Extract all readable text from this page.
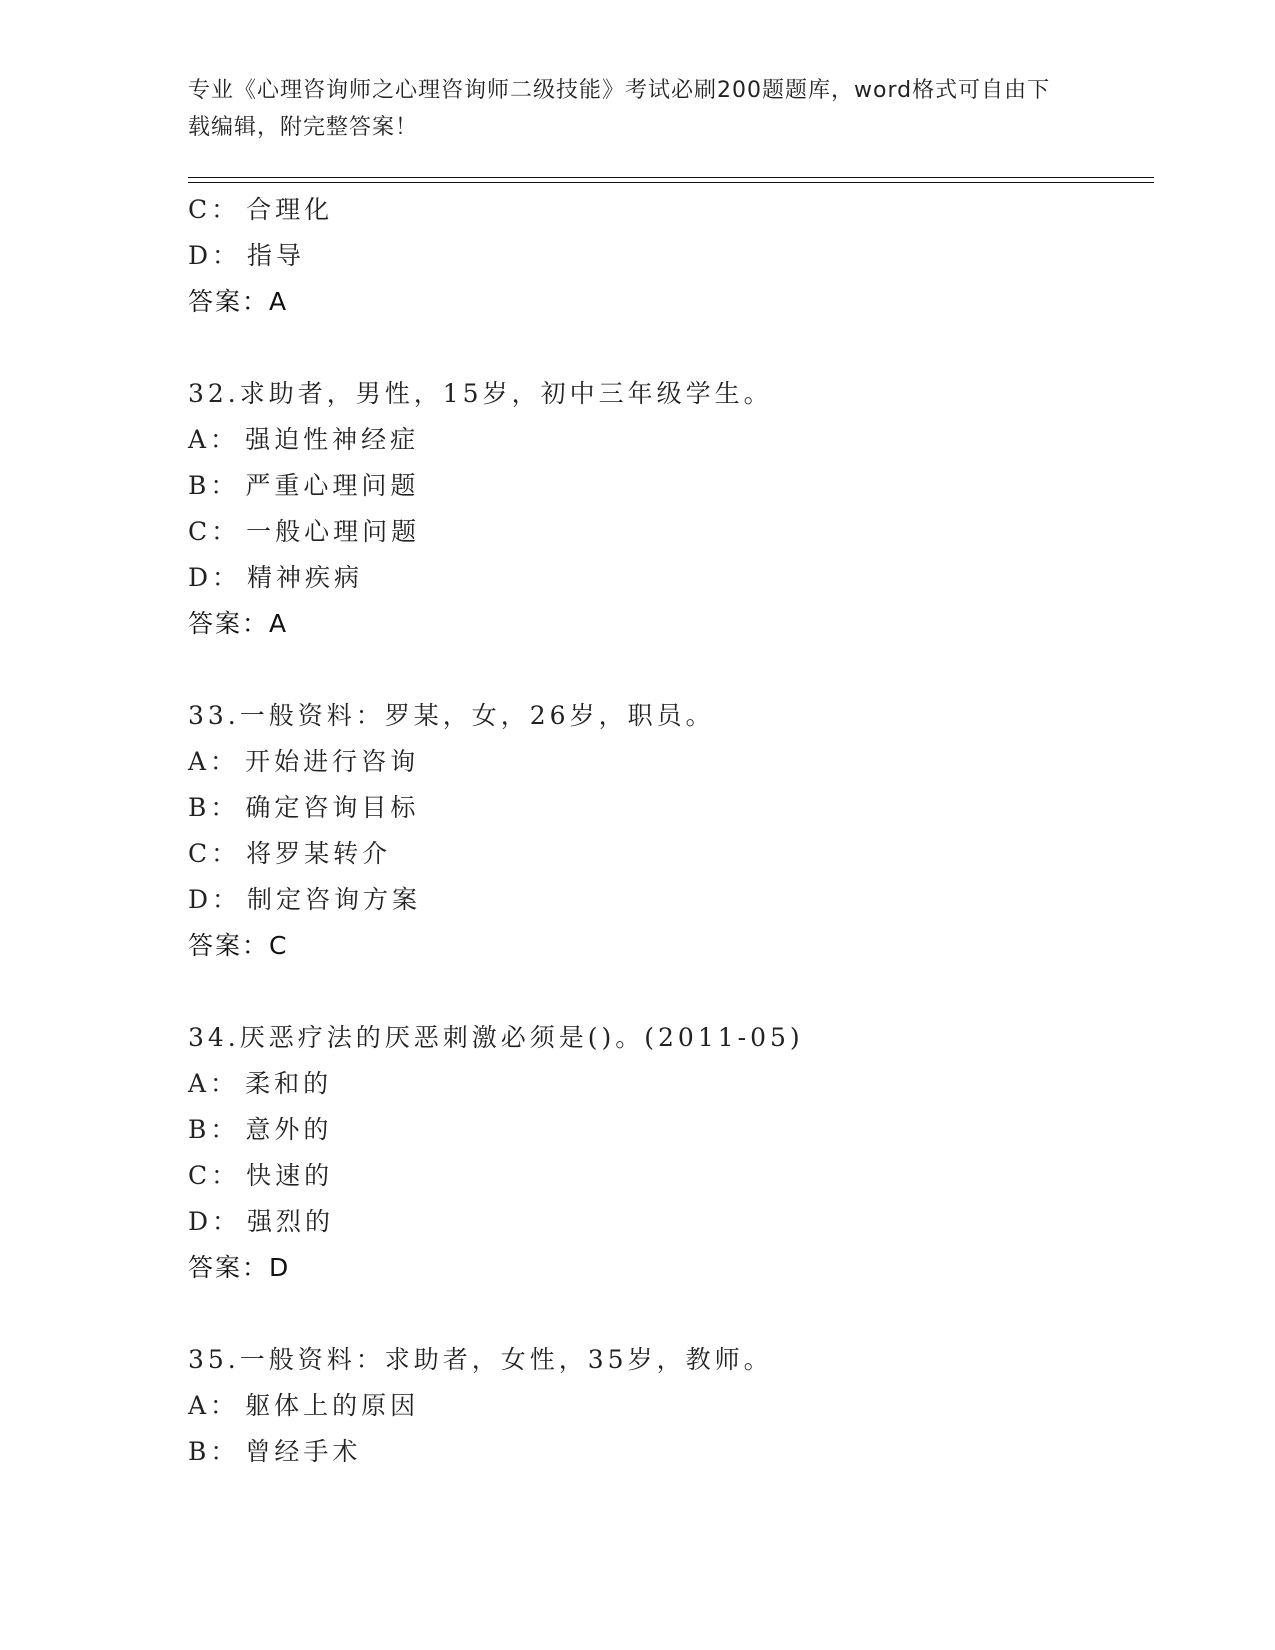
专业《心理咨询师之心理咨询师二级技能》考试必刷200题题库，word格式可自由下载编辑，附完整答案！
C： 合理化
D： 指导
答案：A
32.求助者，男性，15岁，初中三年级学生。
A： 强迫性神经症
B： 严重心理问题
C： 一般心理问题
D： 精神疾病
答案：A
33.一般资料：罗某，女，26岁，职员。
A： 开始进行咨询
B： 确定咨询目标
C： 将罗某转介
D： 制定咨询方案
答案：C
34.厌恶疗法的厌恶刺激必须是()。(2011-05)
A： 柔和的
B： 意外的
C： 快速的
D： 强烈的
答案：D
35.一般资料：求助者，女性，35岁，教师。
A： 躯体上的原因
B： 曾经手术
